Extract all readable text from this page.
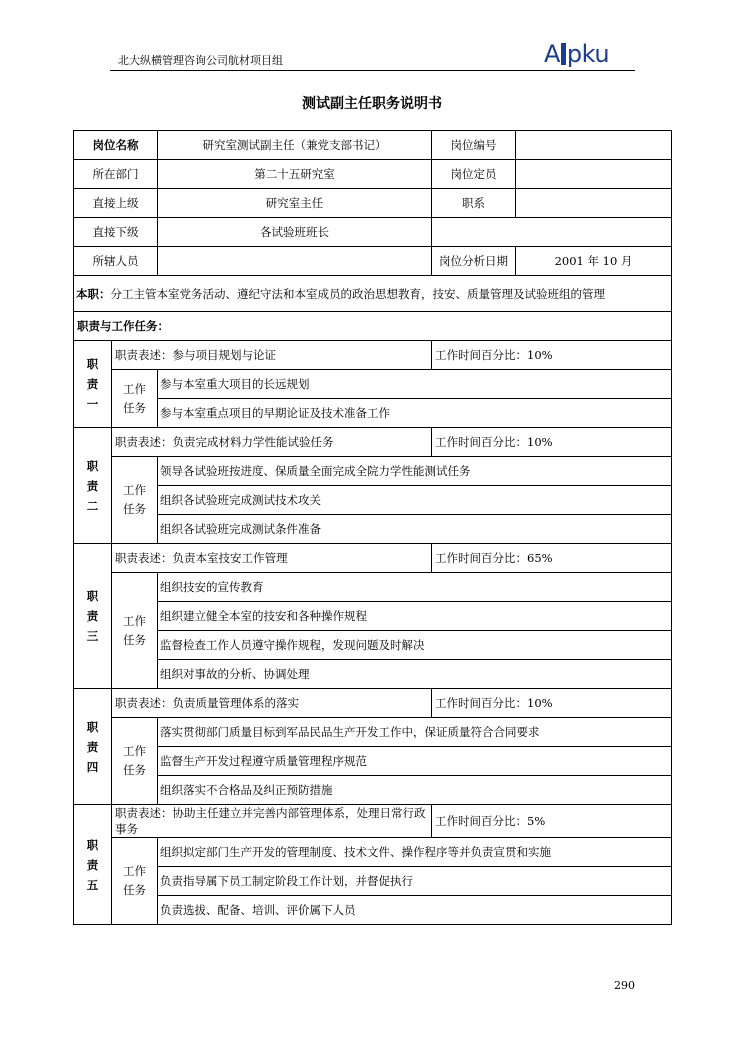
北大纵横管理咨询公司航材项目组	A pku
测试副主任职务说明书
岗位名称		研究室测试副主任（兼党支部书记）	岗位编号	
所在部门		第二十五研究室	岗位定员	
直接上级		研究室主任	职系	
直接下级		各试验班班长		
所辖人员			岗位分析日期	2001 年 10 月
本职：分工主管本室党务活动、遵纪守法和本室成员的政治思想教育，技安、质量管理及试验班组的管理				
职责与工作任务：				
职责一	职责表述：参与项目规划与论证		工作时间百分比：10%	
	工作任务	参与本室重大项目的长远规划		
		参与本室重点项目的早期论证及技术准备工作		
职责二	职责表述：负责完成材料力学性能试验任务		工作时间百分比：10%	
	工作任务	领导各试验班按进度、保质量全面完成全院力学性能测试任务		
		组织各试验班完成测试技术攻关		
		组织各试验班完成测试条件准备		
职责三	职责表述：负责本室技安工作管理		工作时间百分比：65%	
	工作任务	组织技安的宣传教育		
		组织建立健全本室的技安和各种操作规程		
		监督检查工作人员遵守操作规程，发现问题及时解决		
		组织对事故的分析、协调处理		
职责四	职责表述：负责质量管理体系的落实		工作时间百分比：10%	
	工作任务	落实贯彻部门质量目标到军品民品生产开发工作中，保证质量符合合同要求		
		监督生产开发过程遵守质量管理程序规范		
		组织落实不合格品及纠正预防措施		
职责五	职责表述：协助主任建立并完善内部管理体系，处理日常行政事务		工作时间百分比：5%	
	工作任务	组织拟定部门生产开发的管理制度、技术文件、操作程序等并负责宣贯和实施		
		负责指导属下员工制定阶段工作计划，并督促执行		
		负责选拔、配备、培训、评价属下人员		
290
